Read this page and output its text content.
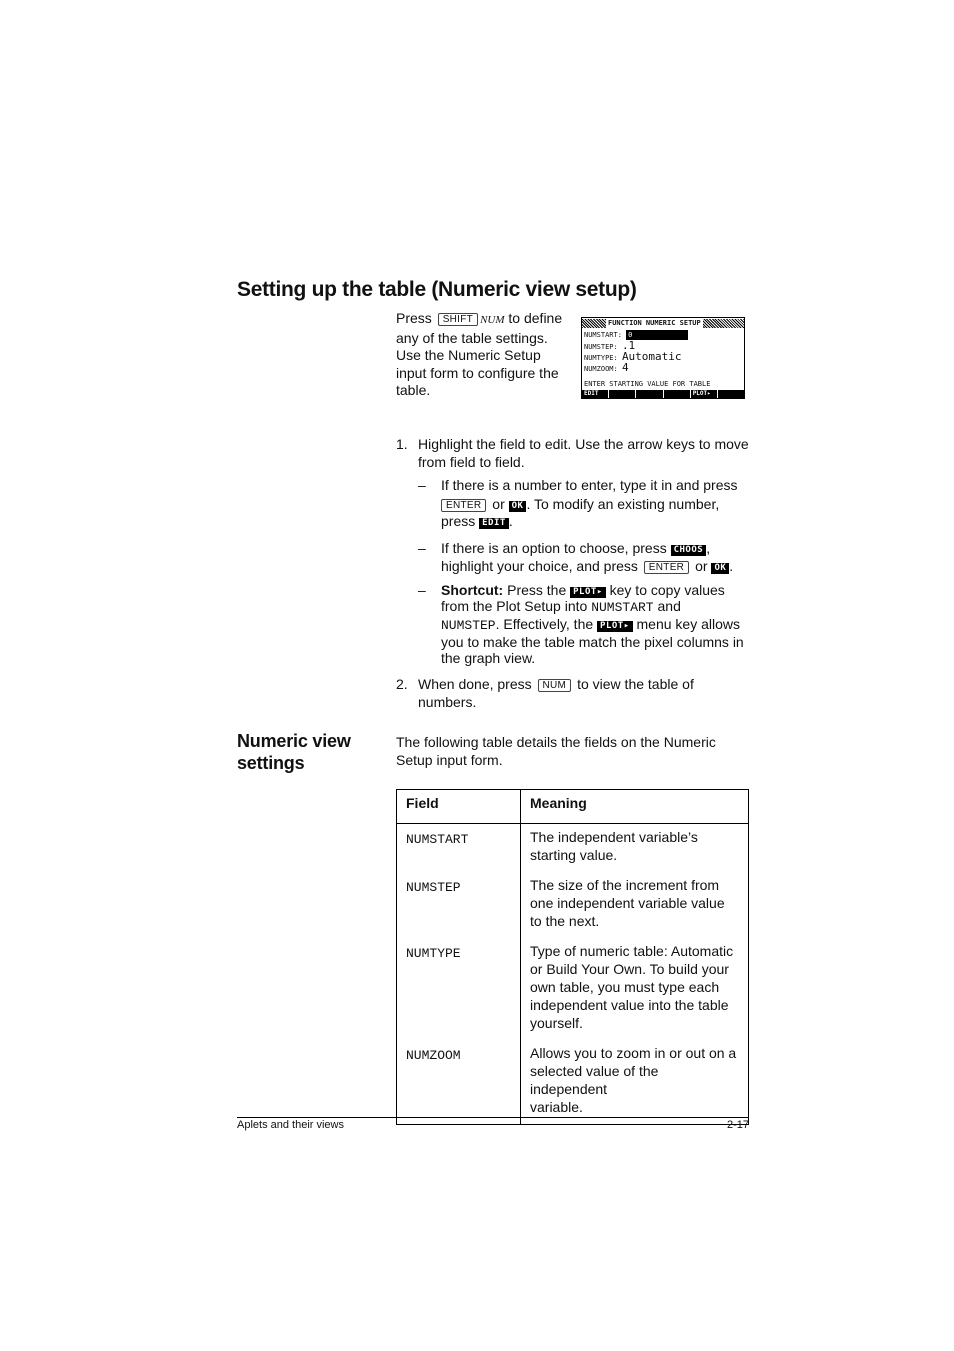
Setting up the table (Numeric view setup)
Press SHIFT NUM to define
any of the table settings.
Use the Numeric Setup
input form to configure the
table.
FUNCTION NUMERIC SETUP
NUMSTART: 0
NUMSTEP: .1
NUMTYPE: Automatic
NUMZOOM: 4
ENTER STARTING VALUE FOR TABLE
EDIT	PLOT▸
1. Highlight the field to edit. Use the arrow keys to move
from field to field.
– If there is a number to enter, type it in and press
ENTER or OK . To modify an existing number,
press EDIT .
– If there is an option to choose, press CHOOS ,
highlight your choice, and press ENTER or OK .
– Shortcut: Press the PLOT▸ key to copy values
from the Plot Setup into NUMSTART and
NUMSTEP. Effectively, the PLOT▸ menu key allows
you to make the table match the pixel columns in
the graph view.
2. When done, press NUM to view the table of
numbers.
Numeric view
settings
The following table details the fields on the Numeric
Setup input form.
Field	Meaning
NUMSTART	The independent variable’s
starting value.

NUMSTEP	The size of the increment from
one independent variable value
to the next.

NUMTYPE	Type of numeric table: Automatic
or Build Your Own. To build your
own table, you must type each
independent value into the table
yourself.

NUMZOOM	Allows you to zoom in or out on a
selected value of the independent
variable.
Aplets and their views	2-17
